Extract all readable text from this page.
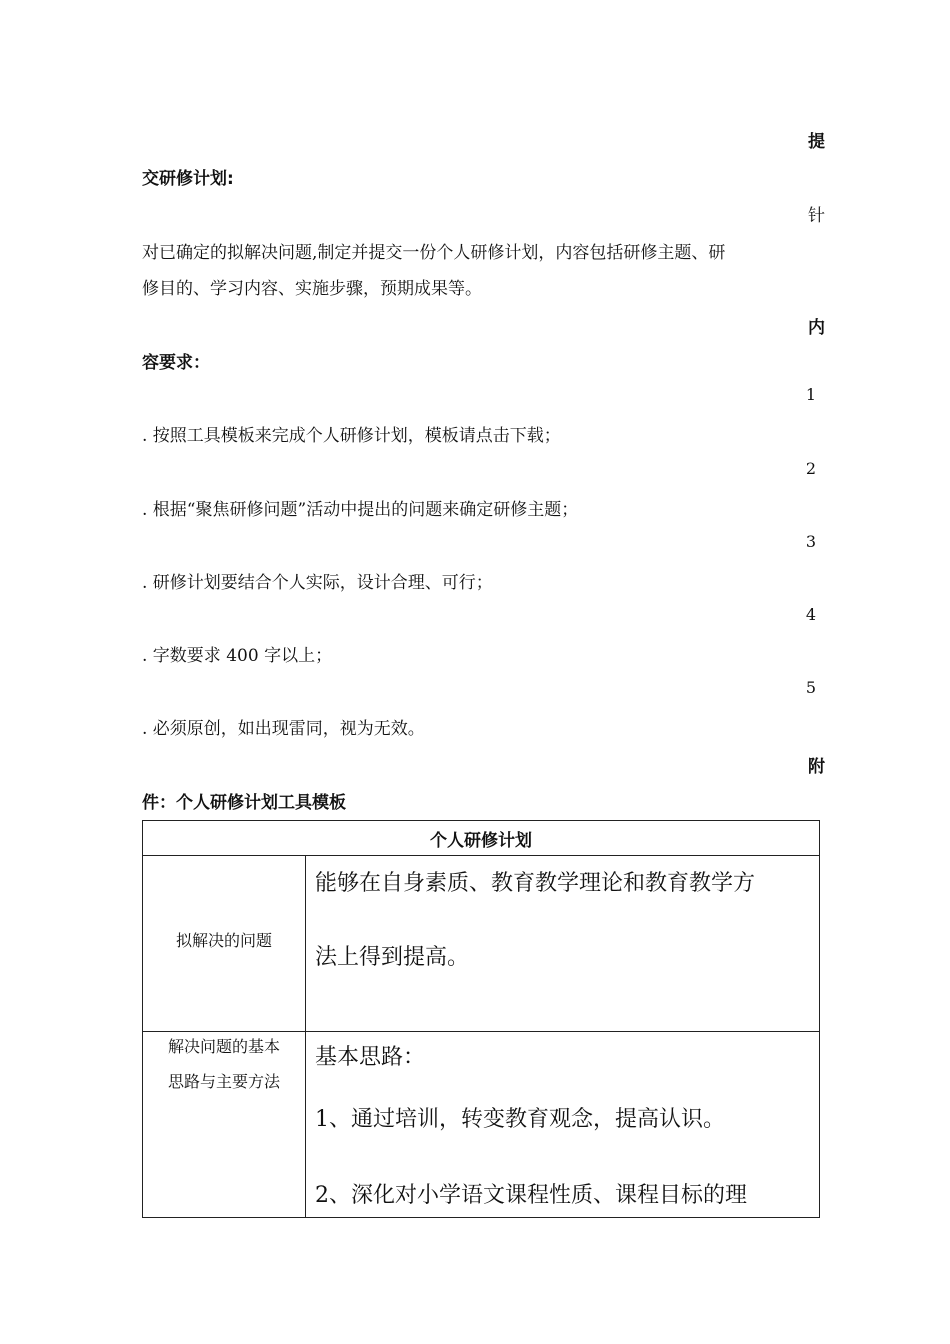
提
交研修计划:
针
对已确定的拟解决问题,制定并提交一份个人研修计划，内容包括研修主题、研
修目的、学习内容、实施步骤，预期成果等。
内
容要求：
1
. 按照工具模板来完成个人研修计划，模板请点击下载；
2
. 根据“聚焦研修问题”活动中提出的问题来确定研修主题；
3
. 研修计划要结合个人实际，设计合理、可行；
4
. 字数要求 400 字以上；
5
. 必须原创，如出现雷同，视为无效。
附
件：个人研修计划工具模板
个人研修计划
拟解决的问题
能够在自身素质、教育教学理论和教育教学方
法上得到提高。
解决问题的基本
思路与主要方法
基本思路：
1、通过培训，转变教育观念，提高认识。
2、深化对小学语文课程性质、课程目标的理
